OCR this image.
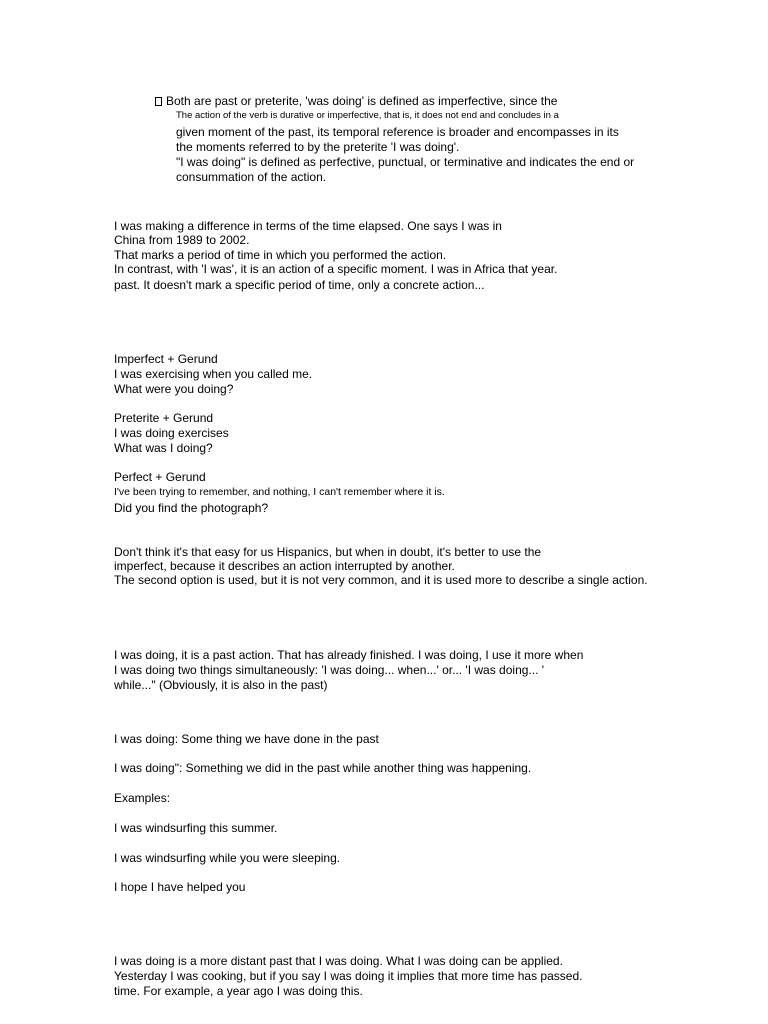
Both are past or preterite, 'was doing' is defined as imperfective, since the
The action of the verb is durative or imperfective, that is, it does not end and concludes in a
given moment of the past, its temporal reference is broader and encompasses in its
the moments referred to by the preterite 'I was doing'.
"I was doing" is defined as perfective, punctual, or terminative and indicates the end or
consummation of the action.
I was making a difference in terms of the time elapsed. One says I was in
China from 1989 to 2002.
That marks a period of time in which you performed the action.
In contrast, with 'I was', it is an action of a specific moment. I was in Africa that year.
past. It doesn't mark a specific period of time, only a concrete action...
Imperfect + Gerund
I was exercising when you called me.
What were you doing?
Preterite + Gerund
I was doing exercises
What was I doing?
Perfect + Gerund
I've been trying to remember, and nothing, I can't remember where it is.
Did you find the photograph?
Don't think it's that easy for us Hispanics, but when in doubt, it's better to use the
imperfect, because it describes an action interrupted by another.
The second option is used, but it is not very common, and it is used more to describe a single action.
I was doing, it is a past action. That has already finished. I was doing, I use it more when
I was doing two things simultaneously: 'I was doing... when...' or... 'I was doing... '
while..." (Obviously, it is also in the past)
I was doing: Some thing we have done in the past
I was doing": Something we did in the past while another thing was happening.
Examples:
I was windsurfing this summer.
I was windsurfing while you were sleeping.
I hope I have helped you
I was doing is a more distant past that I was doing. What I was doing can be applied.
Yesterday I was cooking, but if you say I was doing it implies that more time has passed.
time. For example, a year ago I was doing this.
